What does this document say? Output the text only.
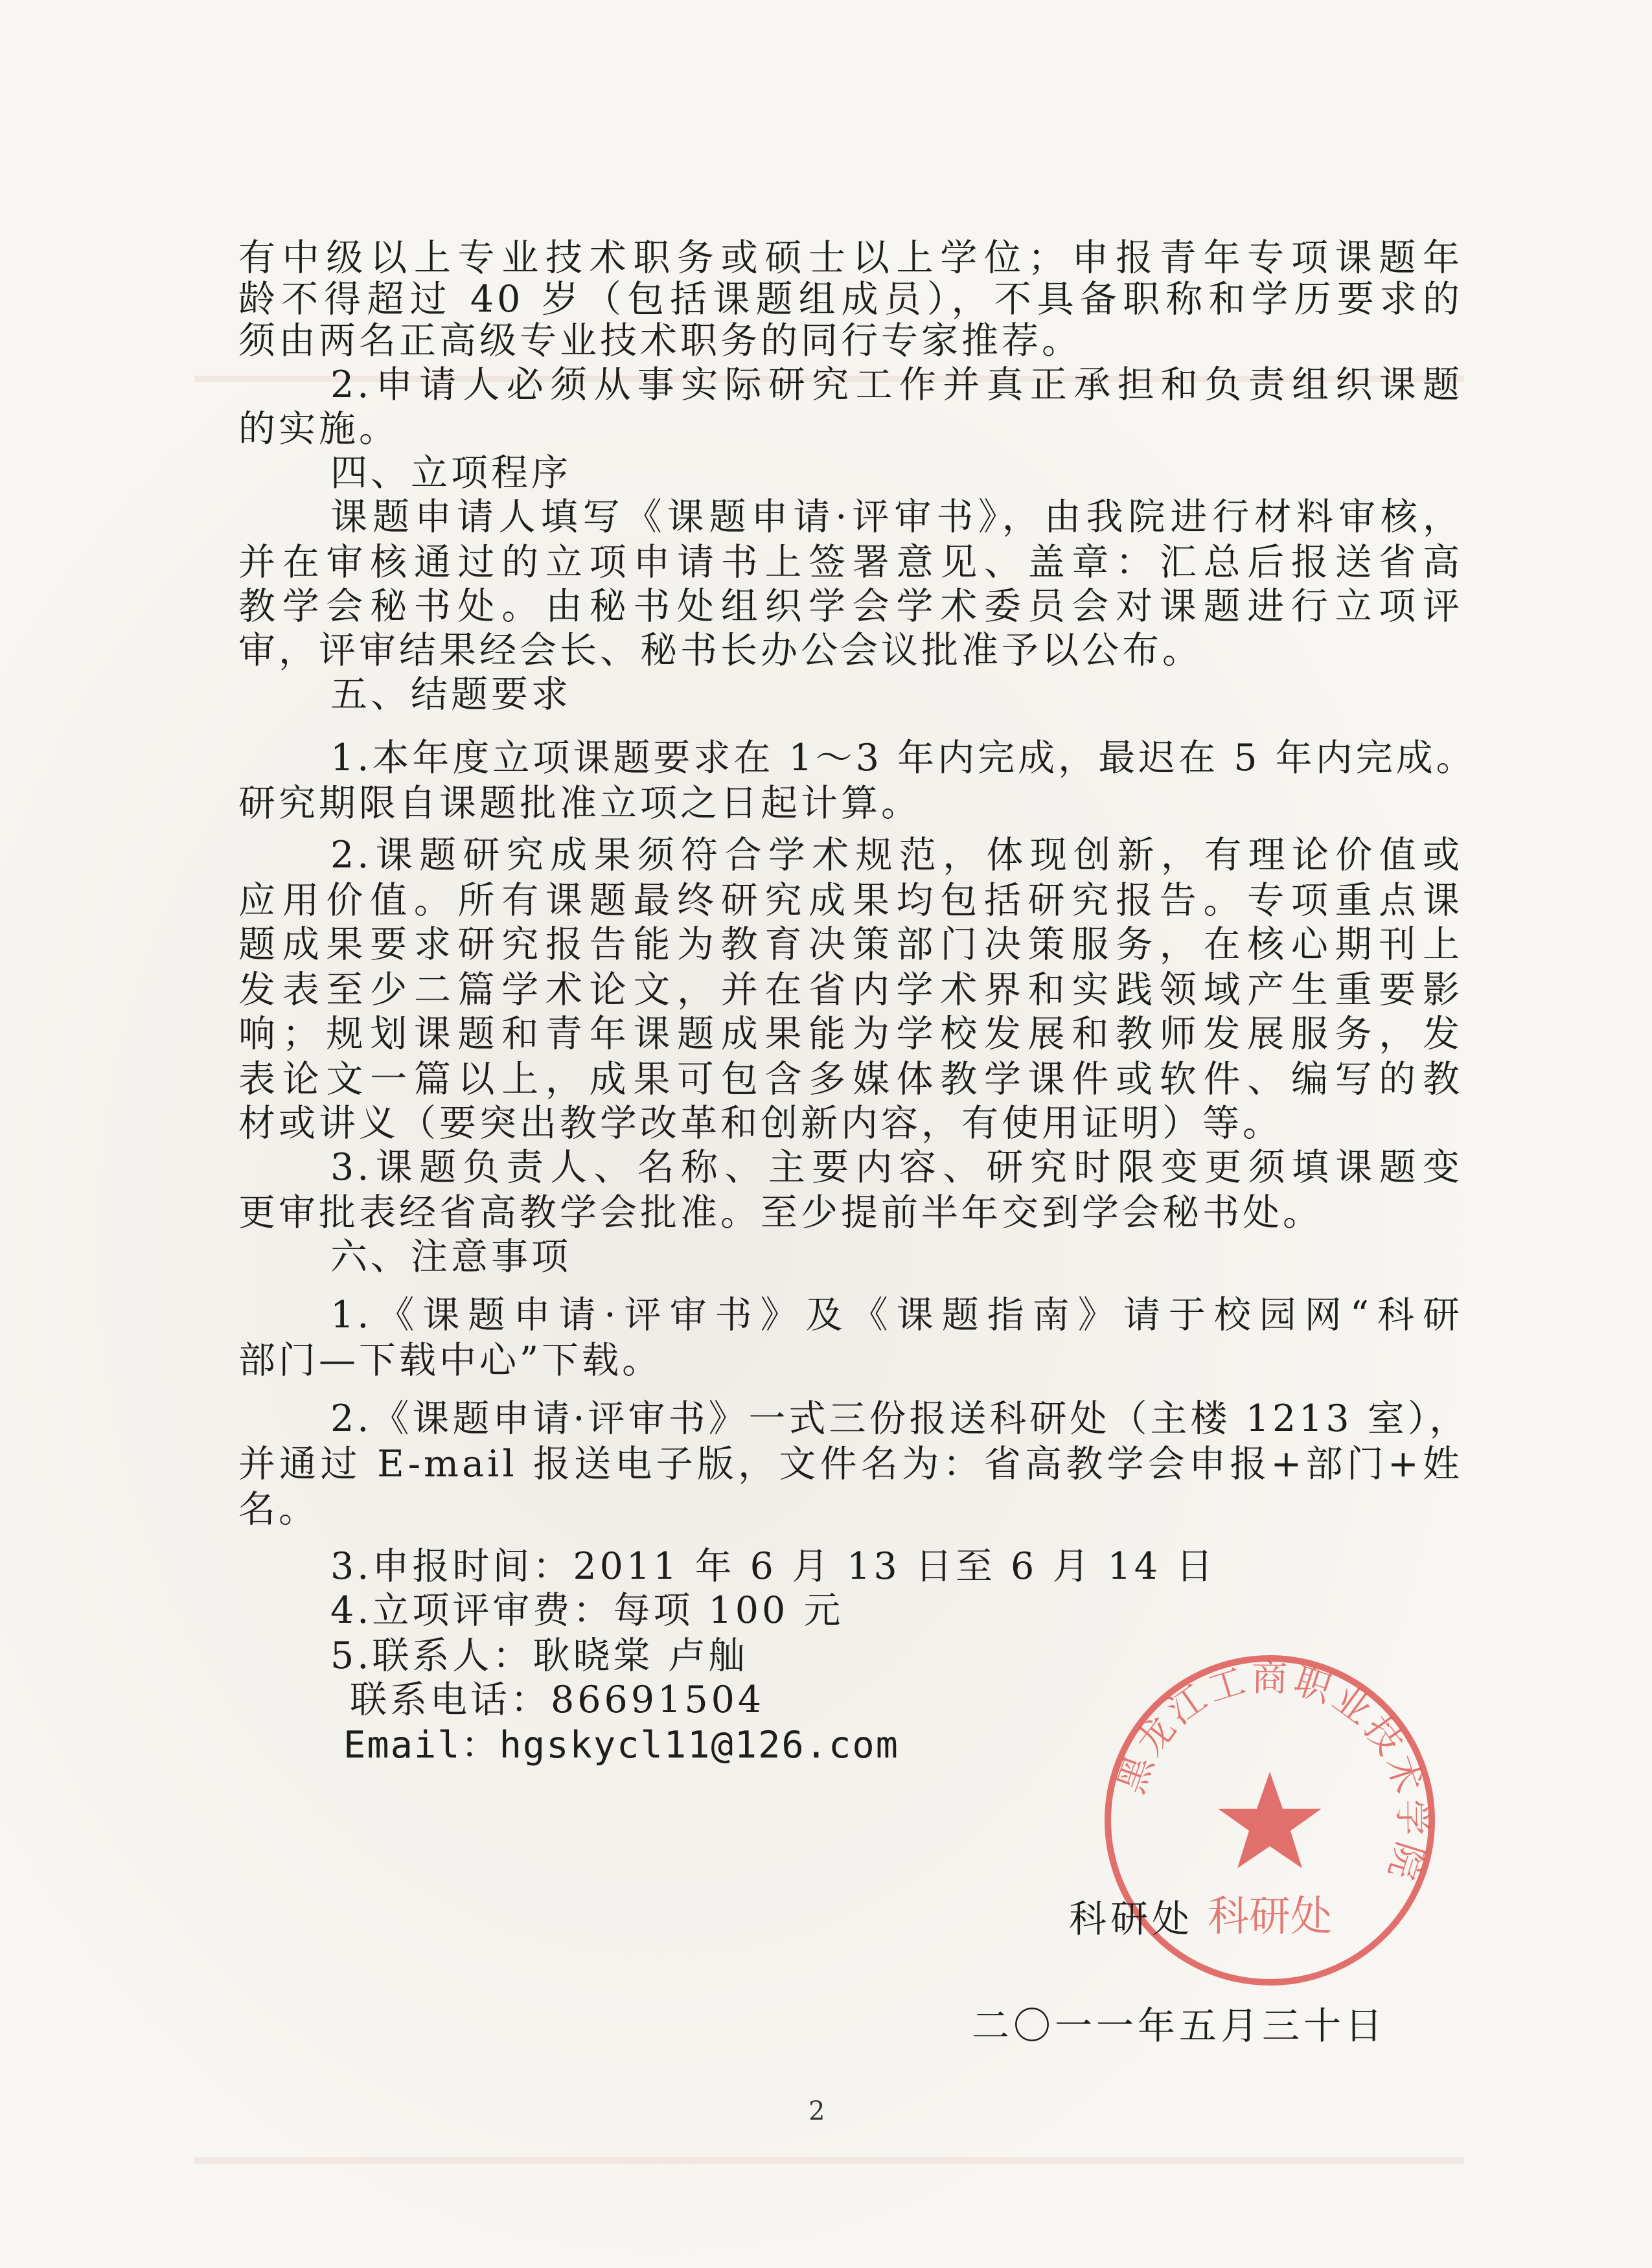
有中级以上专业技术职务或硕士以上学位；申报青年专项课题年
龄不得超过 40 岁（包括课题组成员），不具备职称和学历要求的
须由两名正高级专业技术职务的同行专家推荐。
2.申请人必须从事实际研究工作并真正承担和负责组织课题
的实施。
四、立项程序
课题申请人填写《课题申请·评审书》，由我院进行材料审核，
并在审核通过的立项申请书上签署意见、盖章：汇总后报送省高
教学会秘书处。由秘书处组织学会学术委员会对课题进行立项评
审，评审结果经会长、秘书长办公会议批准予以公布。
五、结题要求
1.本年度立项课题要求在 1～3 年内完成，最迟在 5 年内完成。
研究期限自课题批准立项之日起计算。
2.课题研究成果须符合学术规范，体现创新，有理论价值或
应用价值。所有课题最终研究成果均包括研究报告。专项重点课
题成果要求研究报告能为教育决策部门决策服务，在核心期刊上
发表至少二篇学术论文，并在省内学术界和实践领域产生重要影
响；规划课题和青年课题成果能为学校发展和教师发展服务，发
表论文一篇以上，成果可包含多媒体教学课件或软件、编写的教
材或讲义（要突出教学改革和创新内容，有使用证明）等。
3.课题负责人、名称、主要内容、研究时限变更须填课题变
更审批表经省高教学会批准。至少提前半年交到学会秘书处。
六、注意事项
1.《课题申请·评审书》及《课题指南》请于校园网“科研
部门—下载中心”下载。
2.《课题申请·评审书》一式三份报送科研处（主楼 1213 室），
并通过 E-mail 报送电子版，文件名为：省高教学会申报+部门+姓
名。
3.申报时间：2011 年 6 月 13 日至 6 月 14 日
4.立项评审费：每项 100 元
5.联系人：耿晓棠 卢舢
联系电话：86691504
Email：hgskycl11@126.com
黑龙江工商职业技术学院
科研处
科研处
二〇一一年五月三十日
2
